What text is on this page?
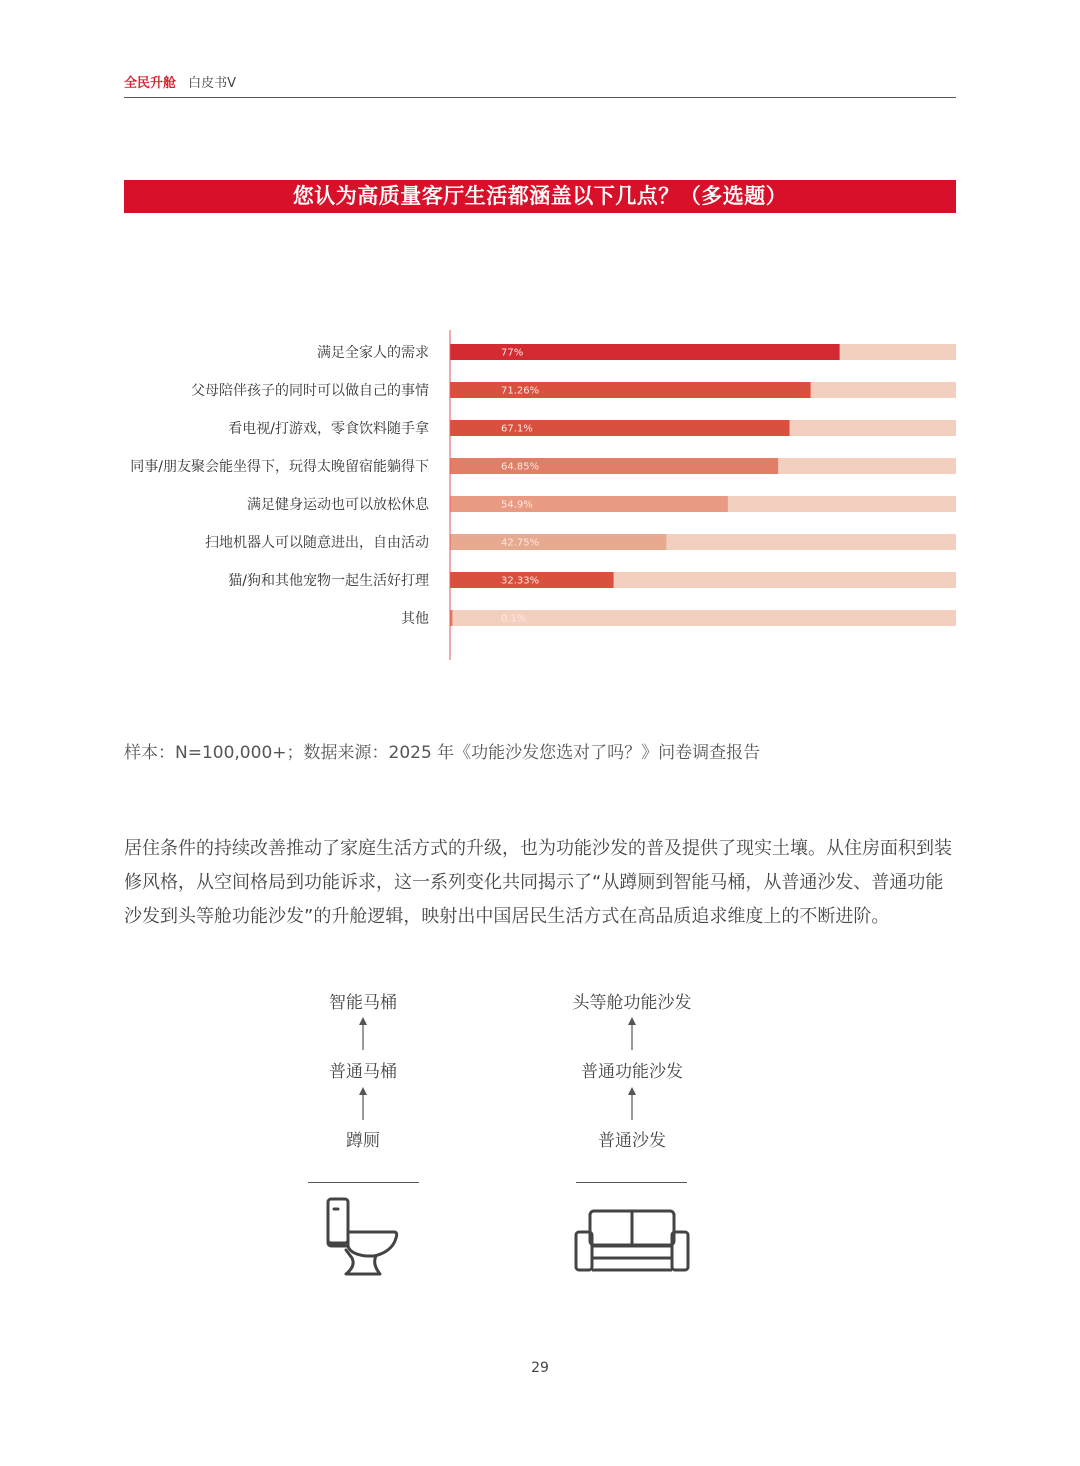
全民升舱 白皮书Ⅴ
您认为高质量客厅生活都涵盖以下几点？（多选题）
满足全家人的需求	77%
父母陪伴孩子的同时可以做自己的事情	71.26%
看电视/打游戏，零食饮料随手拿	67.1%
同事/朋友聚会能坐得下，玩得太晚留宿能躺得下	64.85%
满足健身运动也可以放松休息	54.9%
扫地机器人可以随意进出，自由活动	42.75%
猫/狗和其他宠物一起生活好打理	32.33%
其他	0.1%
样本：N=100,000+；数据来源：2025 年《功能沙发您选对了吗？》问卷调查报告

居住条件的持续改善推动了家庭生活方式的升级，也为功能沙发的普及提供了现实土壤。从住房面积到装修风格，从空间格局到功能诉求，这一系列变化共同揭示了“从蹲厕到智能马桶，从普通沙发、普通功能沙发到头等舱功能沙发”的升舱逻辑，映射出中国居民生活方式在高品质追求维度上的不断进阶。

智能马桶
普通马桶
蹲厕
头等舱功能沙发
普通功能沙发
普通沙发
29
